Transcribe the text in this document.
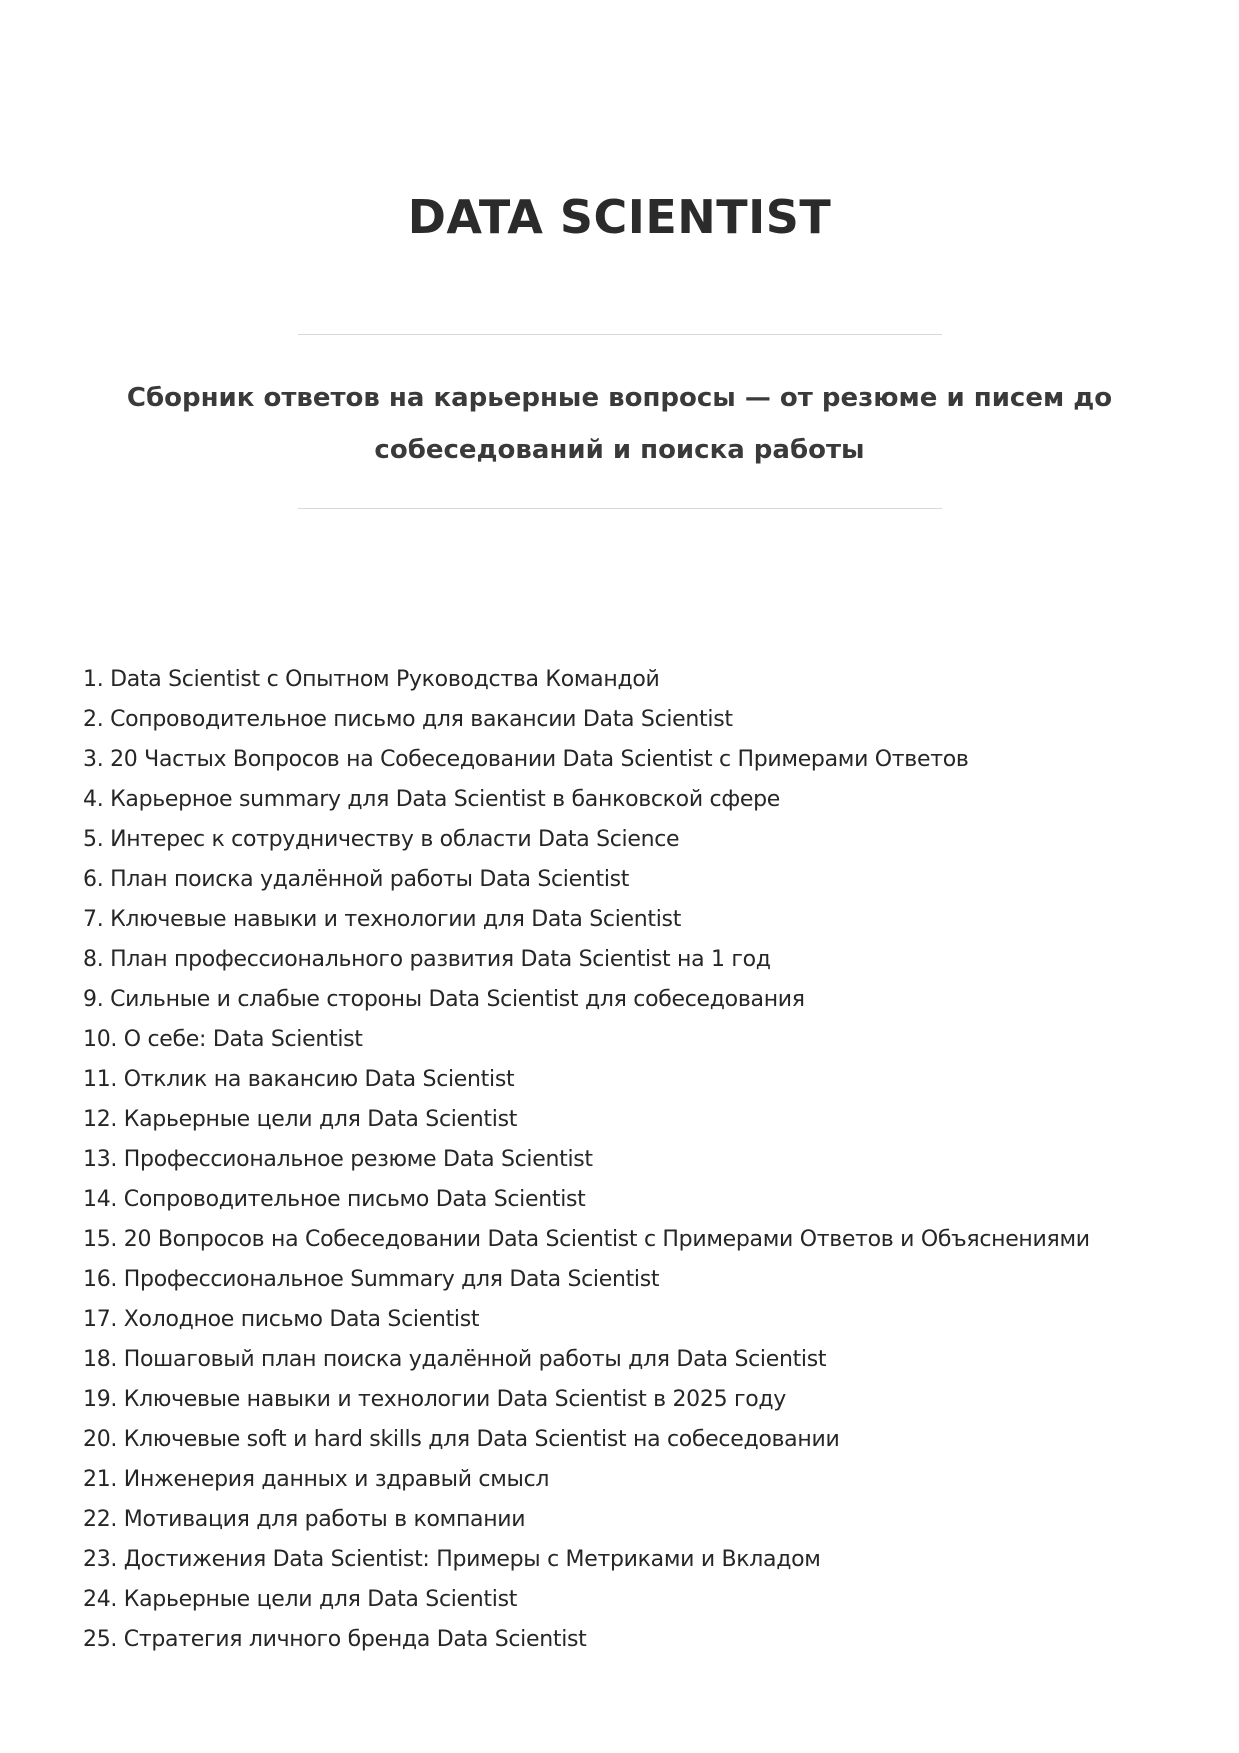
DATA SCIENTIST
Сборник ответов на карьерные вопросы — от резюме и писем до собеседований и поиска работы
1. Data Scientist с Опытном Руководства Командой
2. Сопроводительное письмо для вакансии Data Scientist
3. 20 Частых Вопросов на Собеседовании Data Scientist с Примерами Ответов
4. Карьерное summary для Data Scientist в банковской сфере
5. Интерес к сотрудничеству в области Data Science
6. План поиска удалённой работы Data Scientist
7. Ключевые навыки и технологии для Data Scientist
8. План профессионального развития Data Scientist на 1 год
9. Сильные и слабые стороны Data Scientist для собеседования
10. О себе: Data Scientist
11. Отклик на вакансию Data Scientist
12. Карьерные цели для Data Scientist
13. Профессиональное резюме Data Scientist
14. Сопроводительное письмо Data Scientist
15. 20 Вопросов на Собеседовании Data Scientist с Примерами Ответов и Объяснениями
16. Профессиональное Summary для Data Scientist
17. Холодное письмо Data Scientist
18. Пошаговый план поиска удалённой работы для Data Scientist
19. Ключевые навыки и технологии Data Scientist в 2025 году
20. Ключевые soft и hard skills для Data Scientist на собеседовании
21. Инженерия данных и здравый смысл
22. Мотивация для работы в компании
23. Достижения Data Scientist: Примеры с Метриками и Вкладом
24. Карьерные цели для Data Scientist
25. Стратегия личного бренда Data Scientist
